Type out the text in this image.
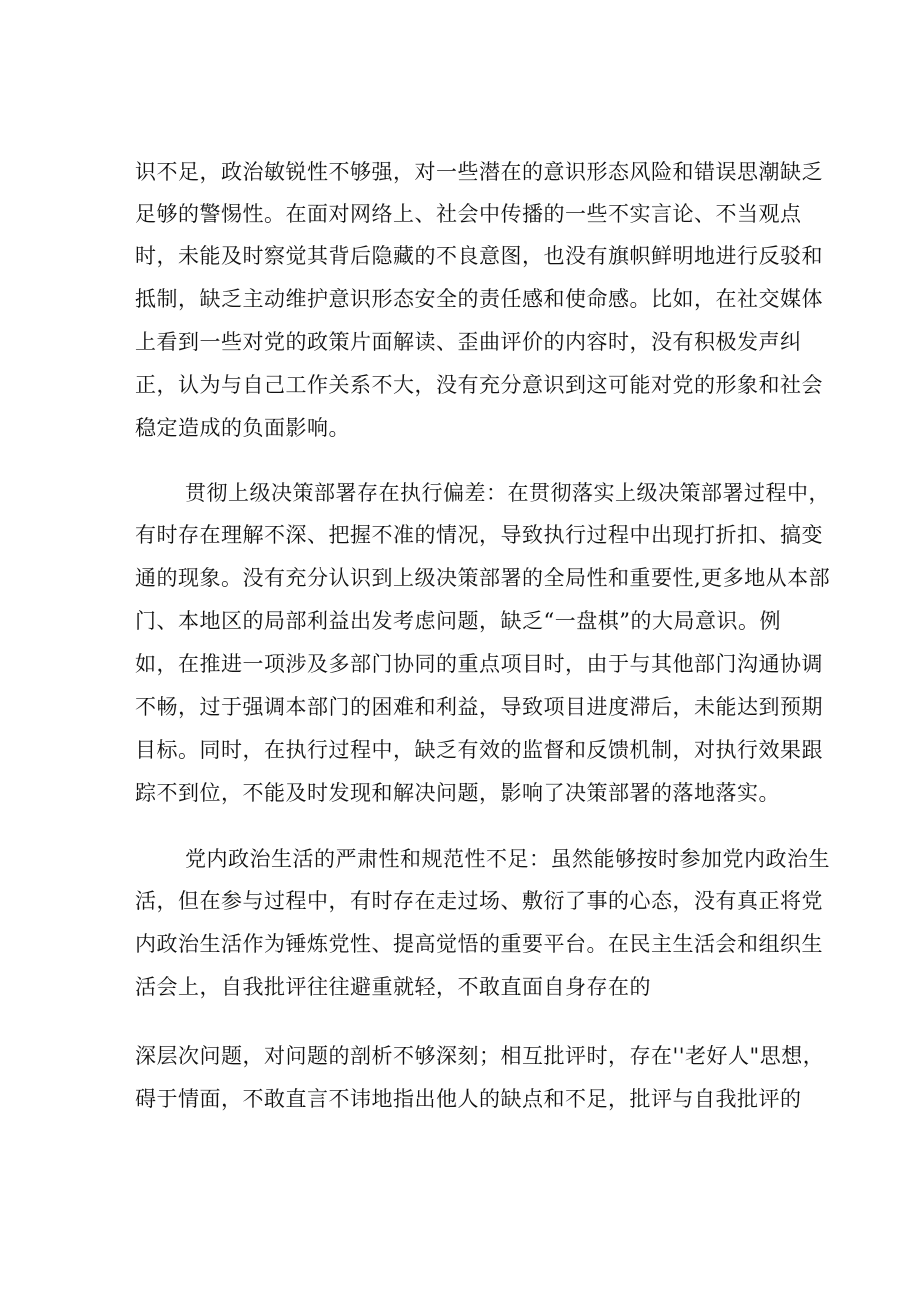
识不足，政治敏锐性不够强，对一些潜在的意识形态风险和错误思潮缺乏
足够的警惕性。在面对网络上、社会中传播的一些不实言论、不当观点
时，未能及时察觉其背后隐藏的不良意图，也没有旗帜鲜明地进行反驳和
抵制，缺乏主动维护意识形态安全的责任感和使命感。比如，在社交媒体
上看到一些对党的政策片面解读、歪曲评价的内容时，没有积极发声纠
正，认为与自己工作关系不大，没有充分意识到这可能对党的形象和社会
稳定造成的负面影响。
贯彻上级决策部署存在执行偏差：在贯彻落实上级决策部署过程中，
有时存在理解不深、把握不准的情况，导致执行过程中出现打折扣、搞变
通的现象。没有充分认识到上级决策部署的全局性和重要性,更多地从本部
门、本地区的局部利益出发考虑问题，缺乏“一盘棋”的大局意识。例
如，在推进一项涉及多部门协同的重点项目时，由于与其他部门沟通协调
不畅，过于强调本部门的困难和利益，导致项目进度滞后，未能达到预期
目标。同时，在执行过程中，缺乏有效的监督和反馈机制，对执行效果跟
踪不到位，不能及时发现和解决问题，影响了决策部署的落地落实。
党内政治生活的严肃性和规范性不足：虽然能够按时参加党内政治生
活，但在参与过程中，有时存在走过场、敷衍了事的心态，没有真正将党
内政治生活作为锤炼党性、提高觉悟的重要平台。在民主生活会和组织生
活会上，自我批评往往避重就轻，不敢直面自身存在的
深层次问题，对问题的剖析不够深刻；相互批评时，存在''老好人"思想，
碍于情面，不敢直言不讳地指出他人的缺点和不足，批评与自我批评的
